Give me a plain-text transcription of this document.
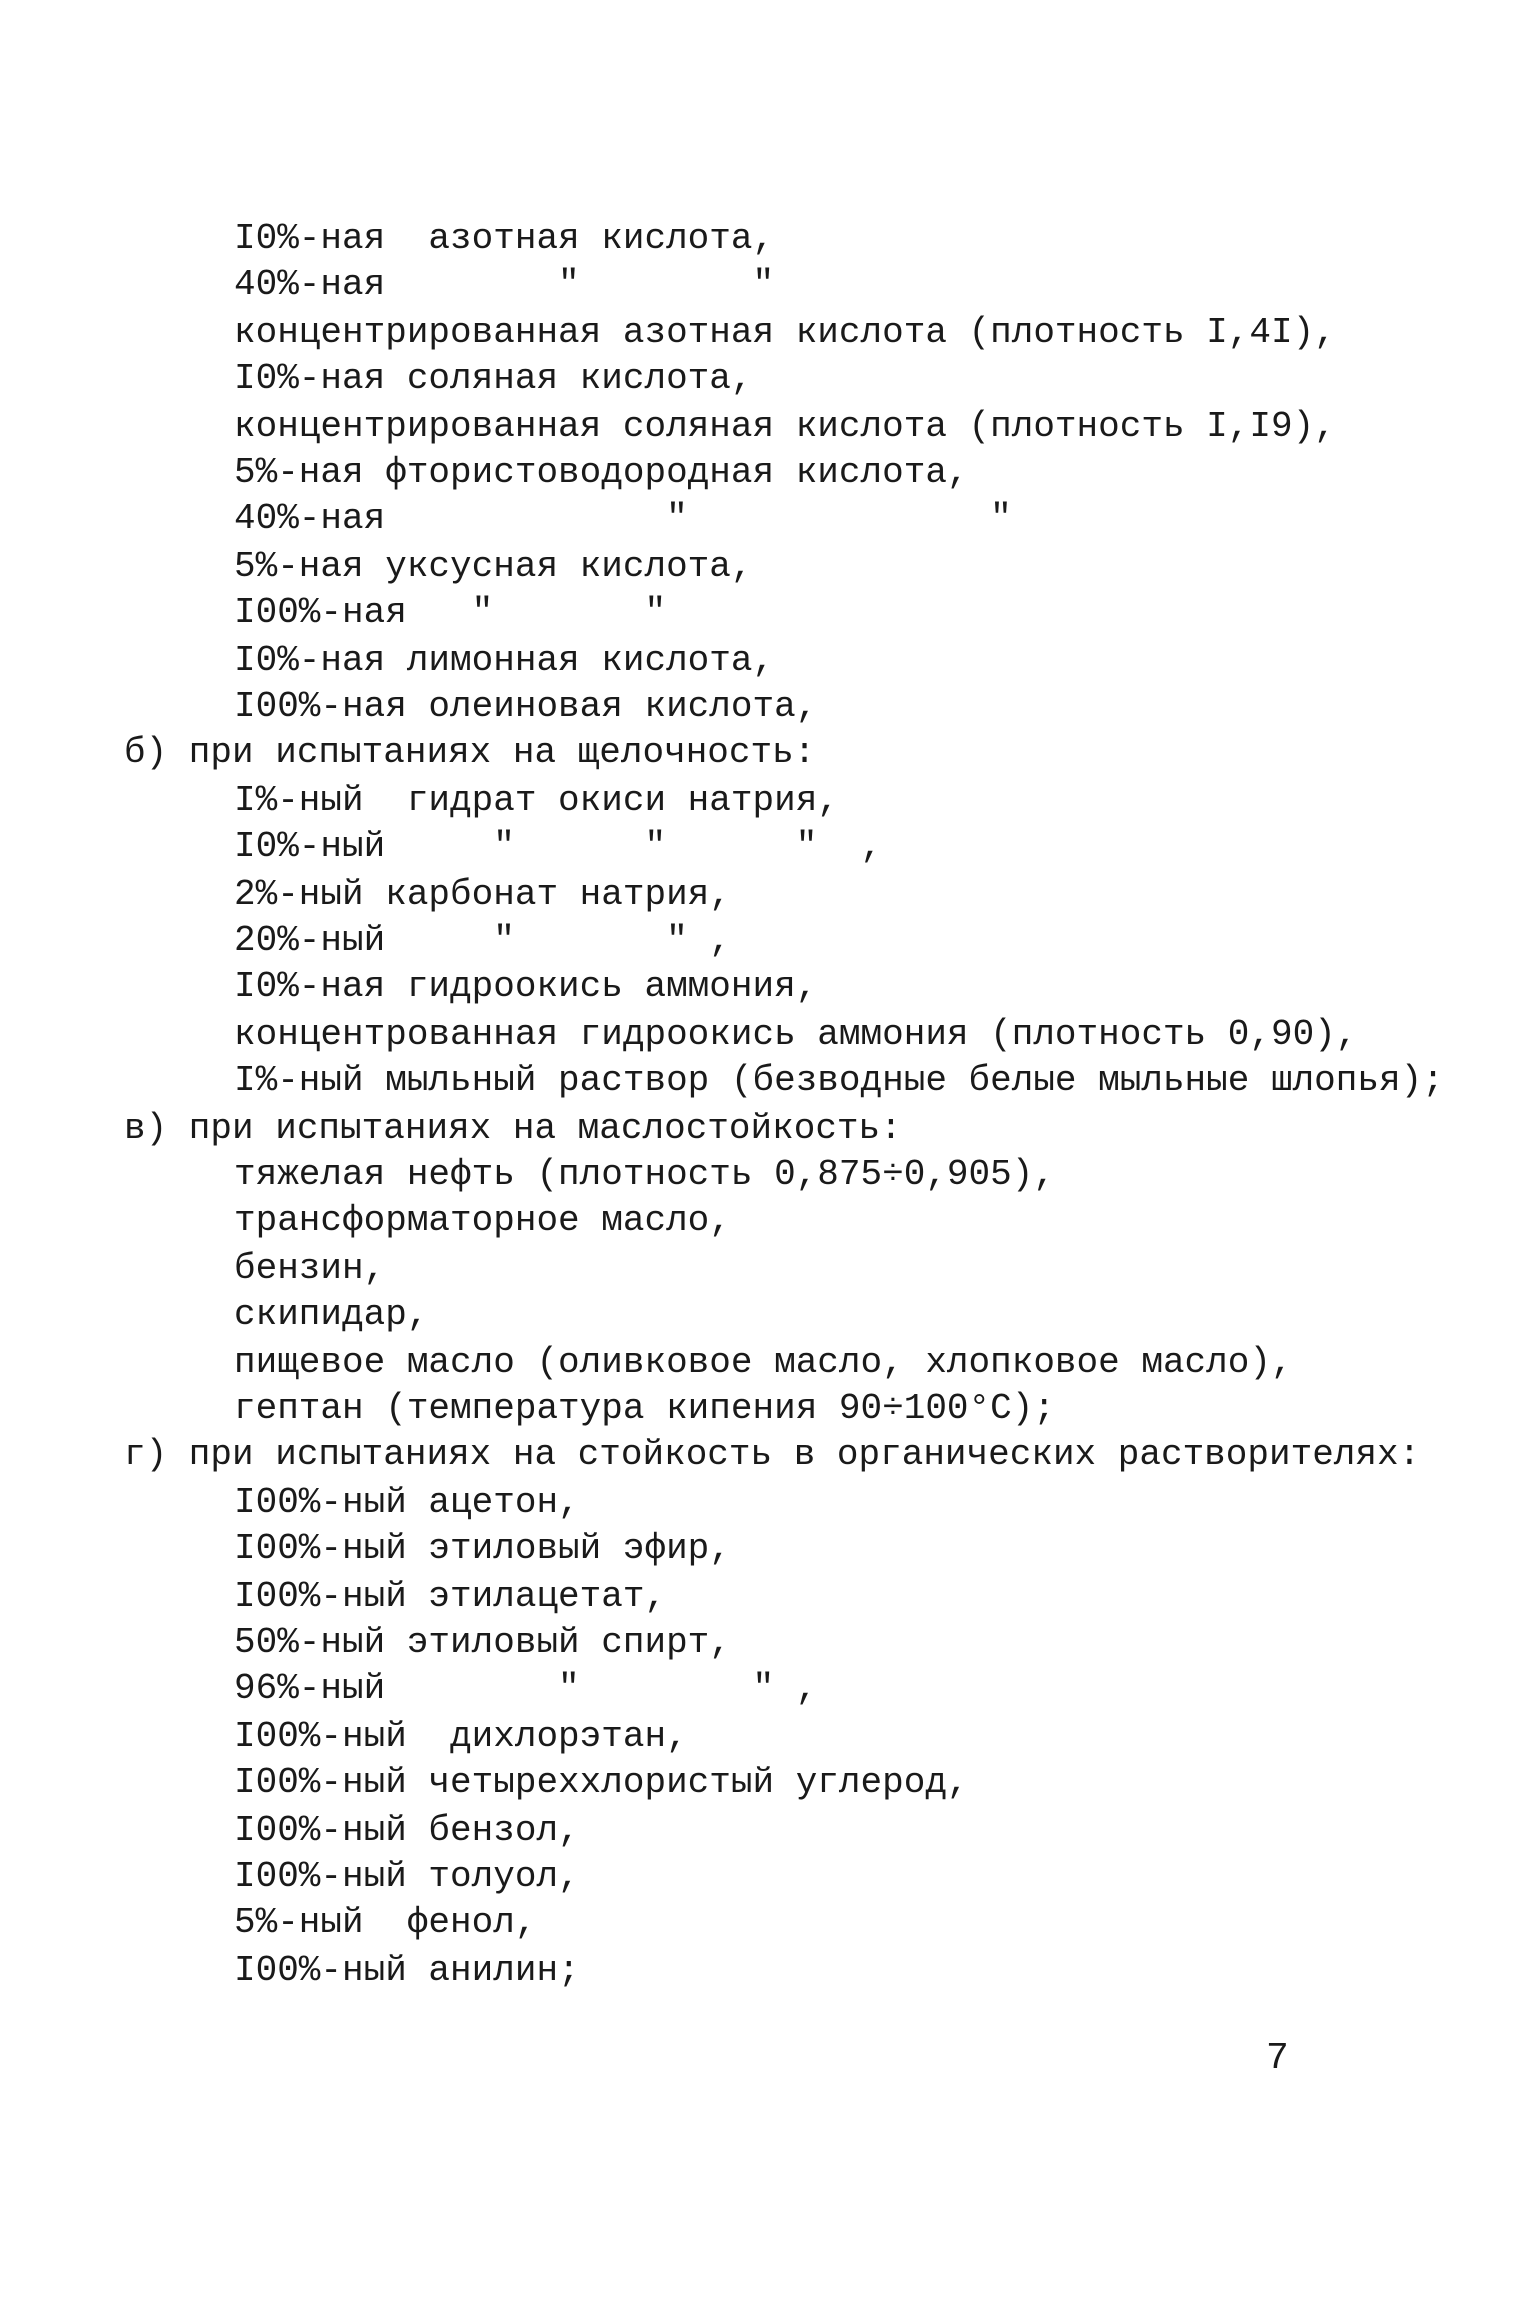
I0%-ная  азотная кислота,
40%-ная        "        "
концентрированная азотная кислота (плотность I,4I),
I0%-ная соляная кислота,
концентрированная соляная кислота (плотность I,I9),
5%-ная фтористоводородная кислота,
40%-ная             "              "
5%-ная уксусная кислота,
I00%-ная   "       "
I0%-ная лимонная кислота,
I00%-ная олеиновая кислота,
б) при испытаниях на щелочность:
I%-ный  гидрат окиси натрия,
I0%-ный     "      "      "  ,
2%-ный карбонат натрия,
20%-ный     "       " ,
I0%-ная гидроокись аммония,
концентрованная гидроокись аммония (плотность 0,90),
I%-ный мыльный раствор (безводные белые мыльные шлопья);
в) при испытаниях на маслостойкость:
тяжелая нефть (плотность 0,875÷0,905),
трансформаторное масло,
бензин,
скипидар,
пищевое масло (оливковое масло, хлопковое масло),
гептан (температура кипения 90÷100°С);
г) при испытаниях на стойкость в органических растворителях:
I00%-ный ацетон,
I00%-ный этиловый эфир,
I00%-ный этилацетат,
50%-ный этиловый спирт,
96%-ный        "        " ,
I00%-ный  дихлорэтан,
I00%-ный четыреххлористый углерод,
I00%-ный бензол,
I00%-ный толуол,
5%-ный  фенол,
I00%-ный анилин;
7
